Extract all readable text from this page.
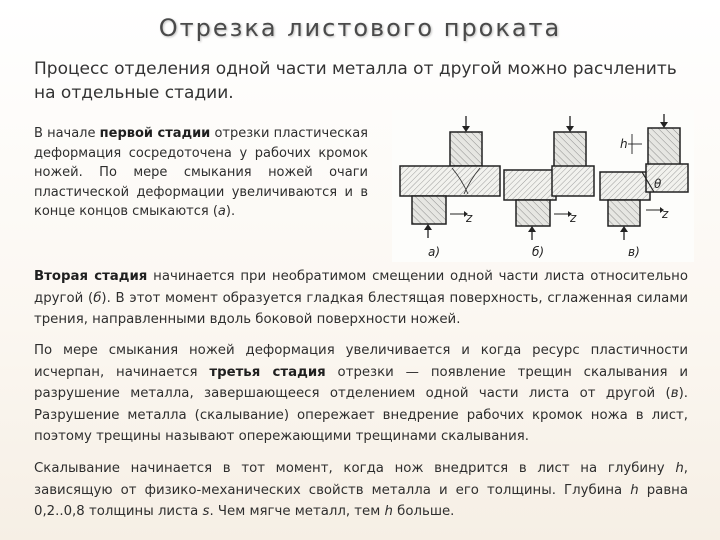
Отрезка листового проката
Процесс отделения одной части металла от другой можно расчленить на отдельные стадии.
В начале первой стадии отрезки пластическая деформация сосредоточена у рабочих кромок ножей. По мере смыкания ножей очаги пластической деформации увеличиваются и в конце концов смыкаются (а).	z	z	z
h
θ
а)	б)	в)
Вторая стадия начинается при необратимом смещении одной части листа относительно другой (б). В этот момент образуется гладкая блестящая поверхность, сглаженная силами трения, направленными вдоль боковой поверхности ножей.
По мере смыкания ножей деформация увеличивается и когда ресурс пластичности исчерпан, начинается третья стадия отрезки — появление трещин скалывания и разрушение металла, завершающееся отделением одной части листа от другой (в). Разрушение металла (скалывание) опережает внедрение рабочих кромок ножа в лист, поэтому трещины называют опережающими трещинами скалывания.
Скалывание начинается в тот момент, когда нож внедрится в лист на глубину h, зависящую от физико-механических свойств металла и его толщины. Глубина h равна 0,2..0,8 толщины листа s. Чем мягче металл, тем h больше.
